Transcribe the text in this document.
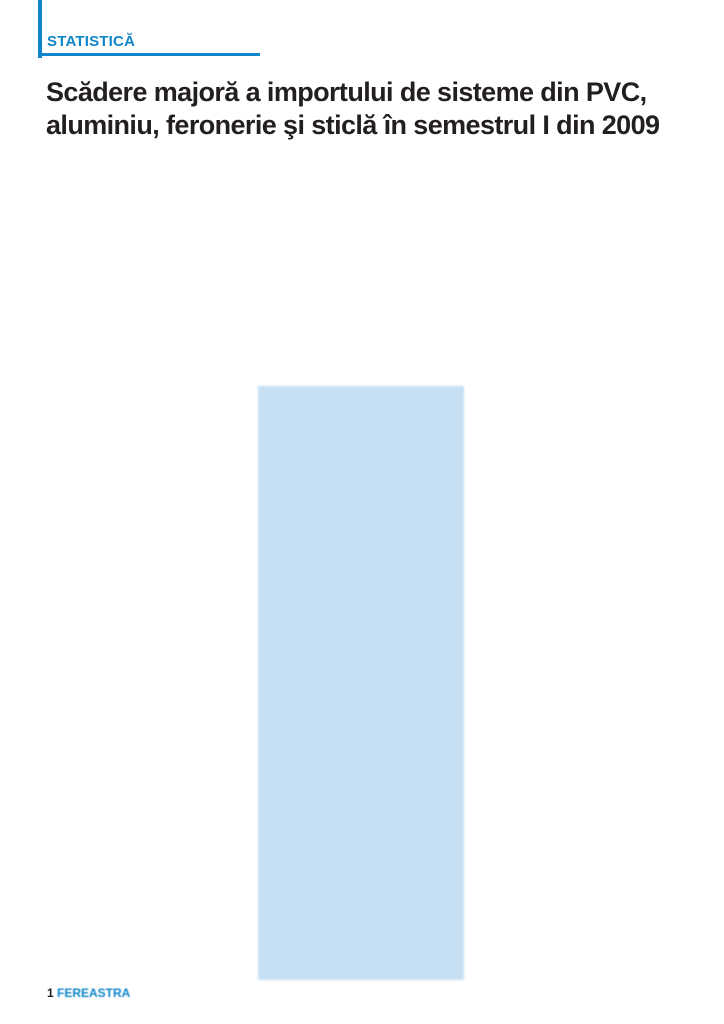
STATISTICĂ
Scădere majoră a importului de sisteme din PVC,
aluminiu, feronerie şi sticlă în semestrul I din 2009

1 FEREASTRA
